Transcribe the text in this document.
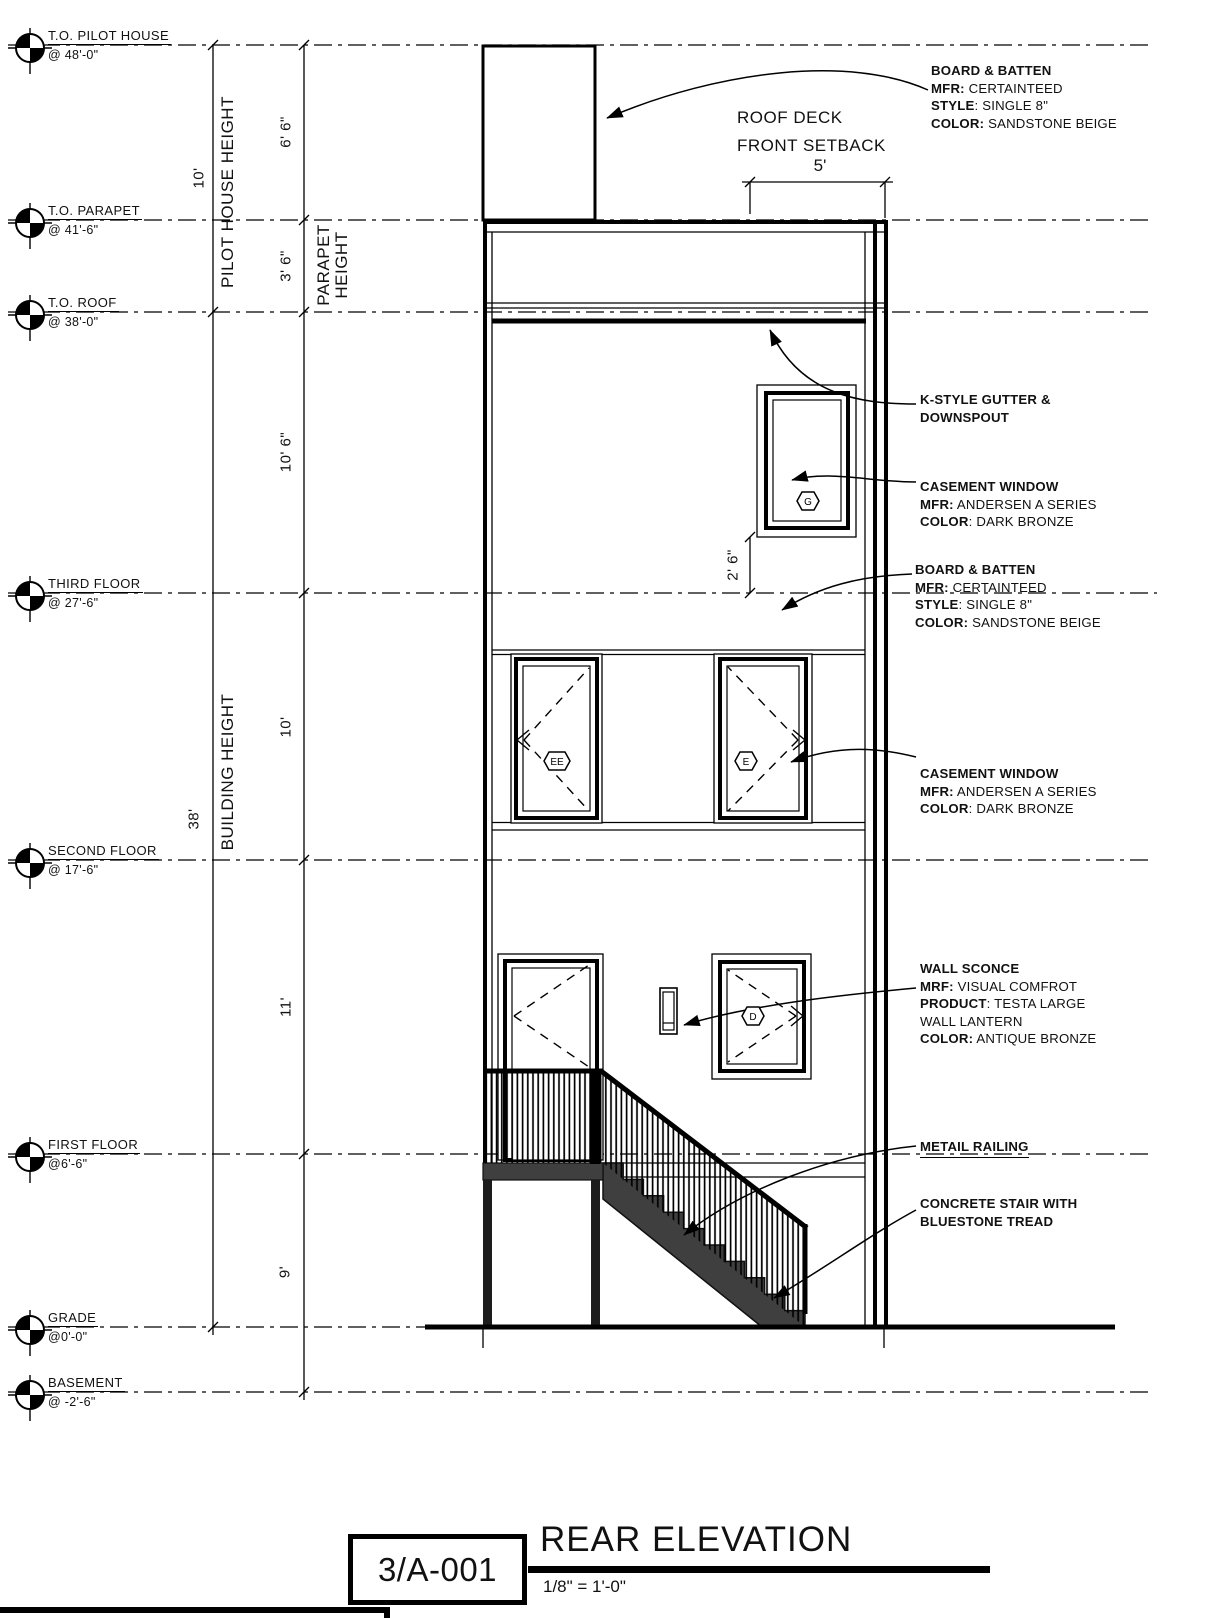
G
EE	E
D
T.O. PILOT HOUSE
@ 48'-0"
T.O. PARAPET
@ 41'-6"
T.O. ROOF
@ 38'-0"
THIRD FLOOR
@ 27'-6"
SECOND FLOOR
@ 17'-6"
FIRST FLOOR
@6'-6"
GRADE
@0'-0"
BASEMENT
@ -2'-6"
10'
38'
PILOT HOUSE HEIGHT
BUILDING HEIGHT
PARAPET HEIGHT
6' 6"
3' 6"
10' 6"
10'
11'
9'
2' 6"
ROOF DECK
FRONT SETBACK
5'
BOARD & BATTEN
MFR: CERTAINTEED
STYLE: SINGLE 8"
COLOR: SANDSTONE BEIGE
K-STYLE GUTTER &
DOWNSPOUT
CASEMENT WINDOW
MFR: ANDERSEN A SERIES
COLOR: DARK BRONZE
BOARD & BATTEN
MFR: CERTAINTEED
STYLE: SINGLE 8"
COLOR: SANDSTONE BEIGE
CASEMENT WINDOW
MFR: ANDERSEN A SERIES
COLOR: DARK BRONZE
WALL SCONCE
MRF: VISUAL COMFROT
PRODUCT: TESTA LARGE
WALL LANTERN
COLOR: ANTIQUE BRONZE
METAIL RAILING
CONCRETE STAIR WITH
BLUESTONE TREAD
3/A-001
REAR ELEVATION
1/8" = 1'-0"
